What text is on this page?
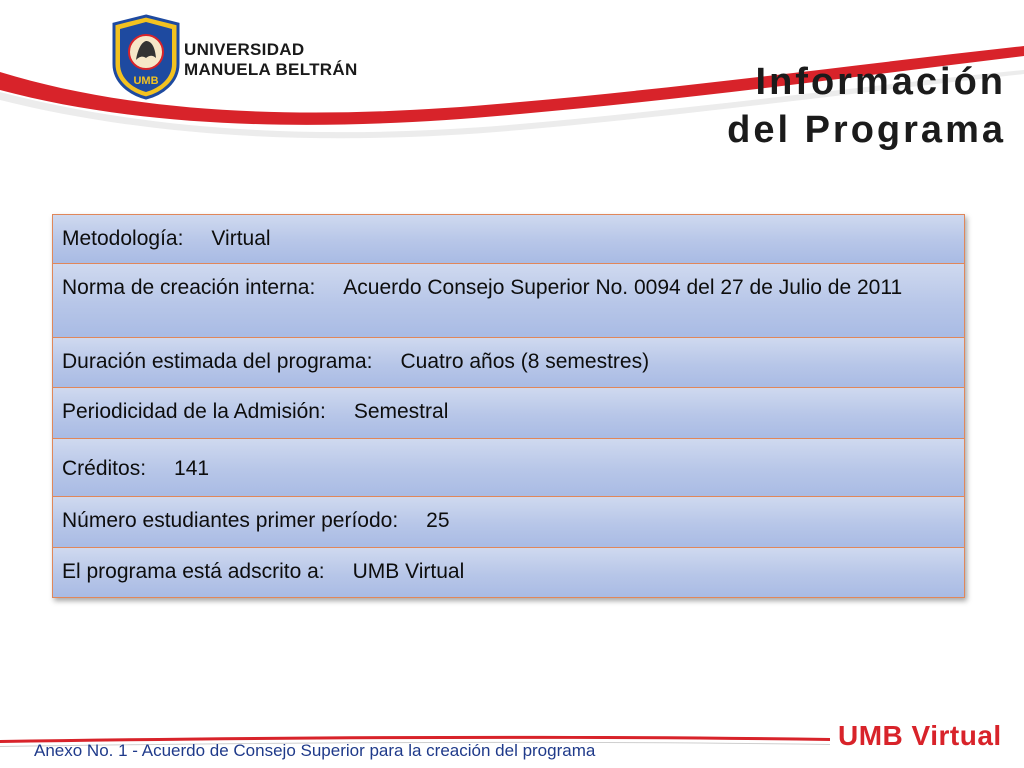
UMB
UNIVERSIDAD
MANUELA BELTRÁN	Información
del Programa
Metodología: Virtual
Norma de creación interna: Acuerdo Consejo Superior No. 0094 del 27 de Julio de 2011
Duración estimada del programa: Cuatro años (8 semestres)
Periodicidad de la Admisión: Semestral
Créditos: 141
Número estudiantes primer período: 25
El programa está adscrito a: UMB Virtual
Anexo No. 1 - Acuerdo de Consejo Superior para la creación del programa	UMB Virtual
